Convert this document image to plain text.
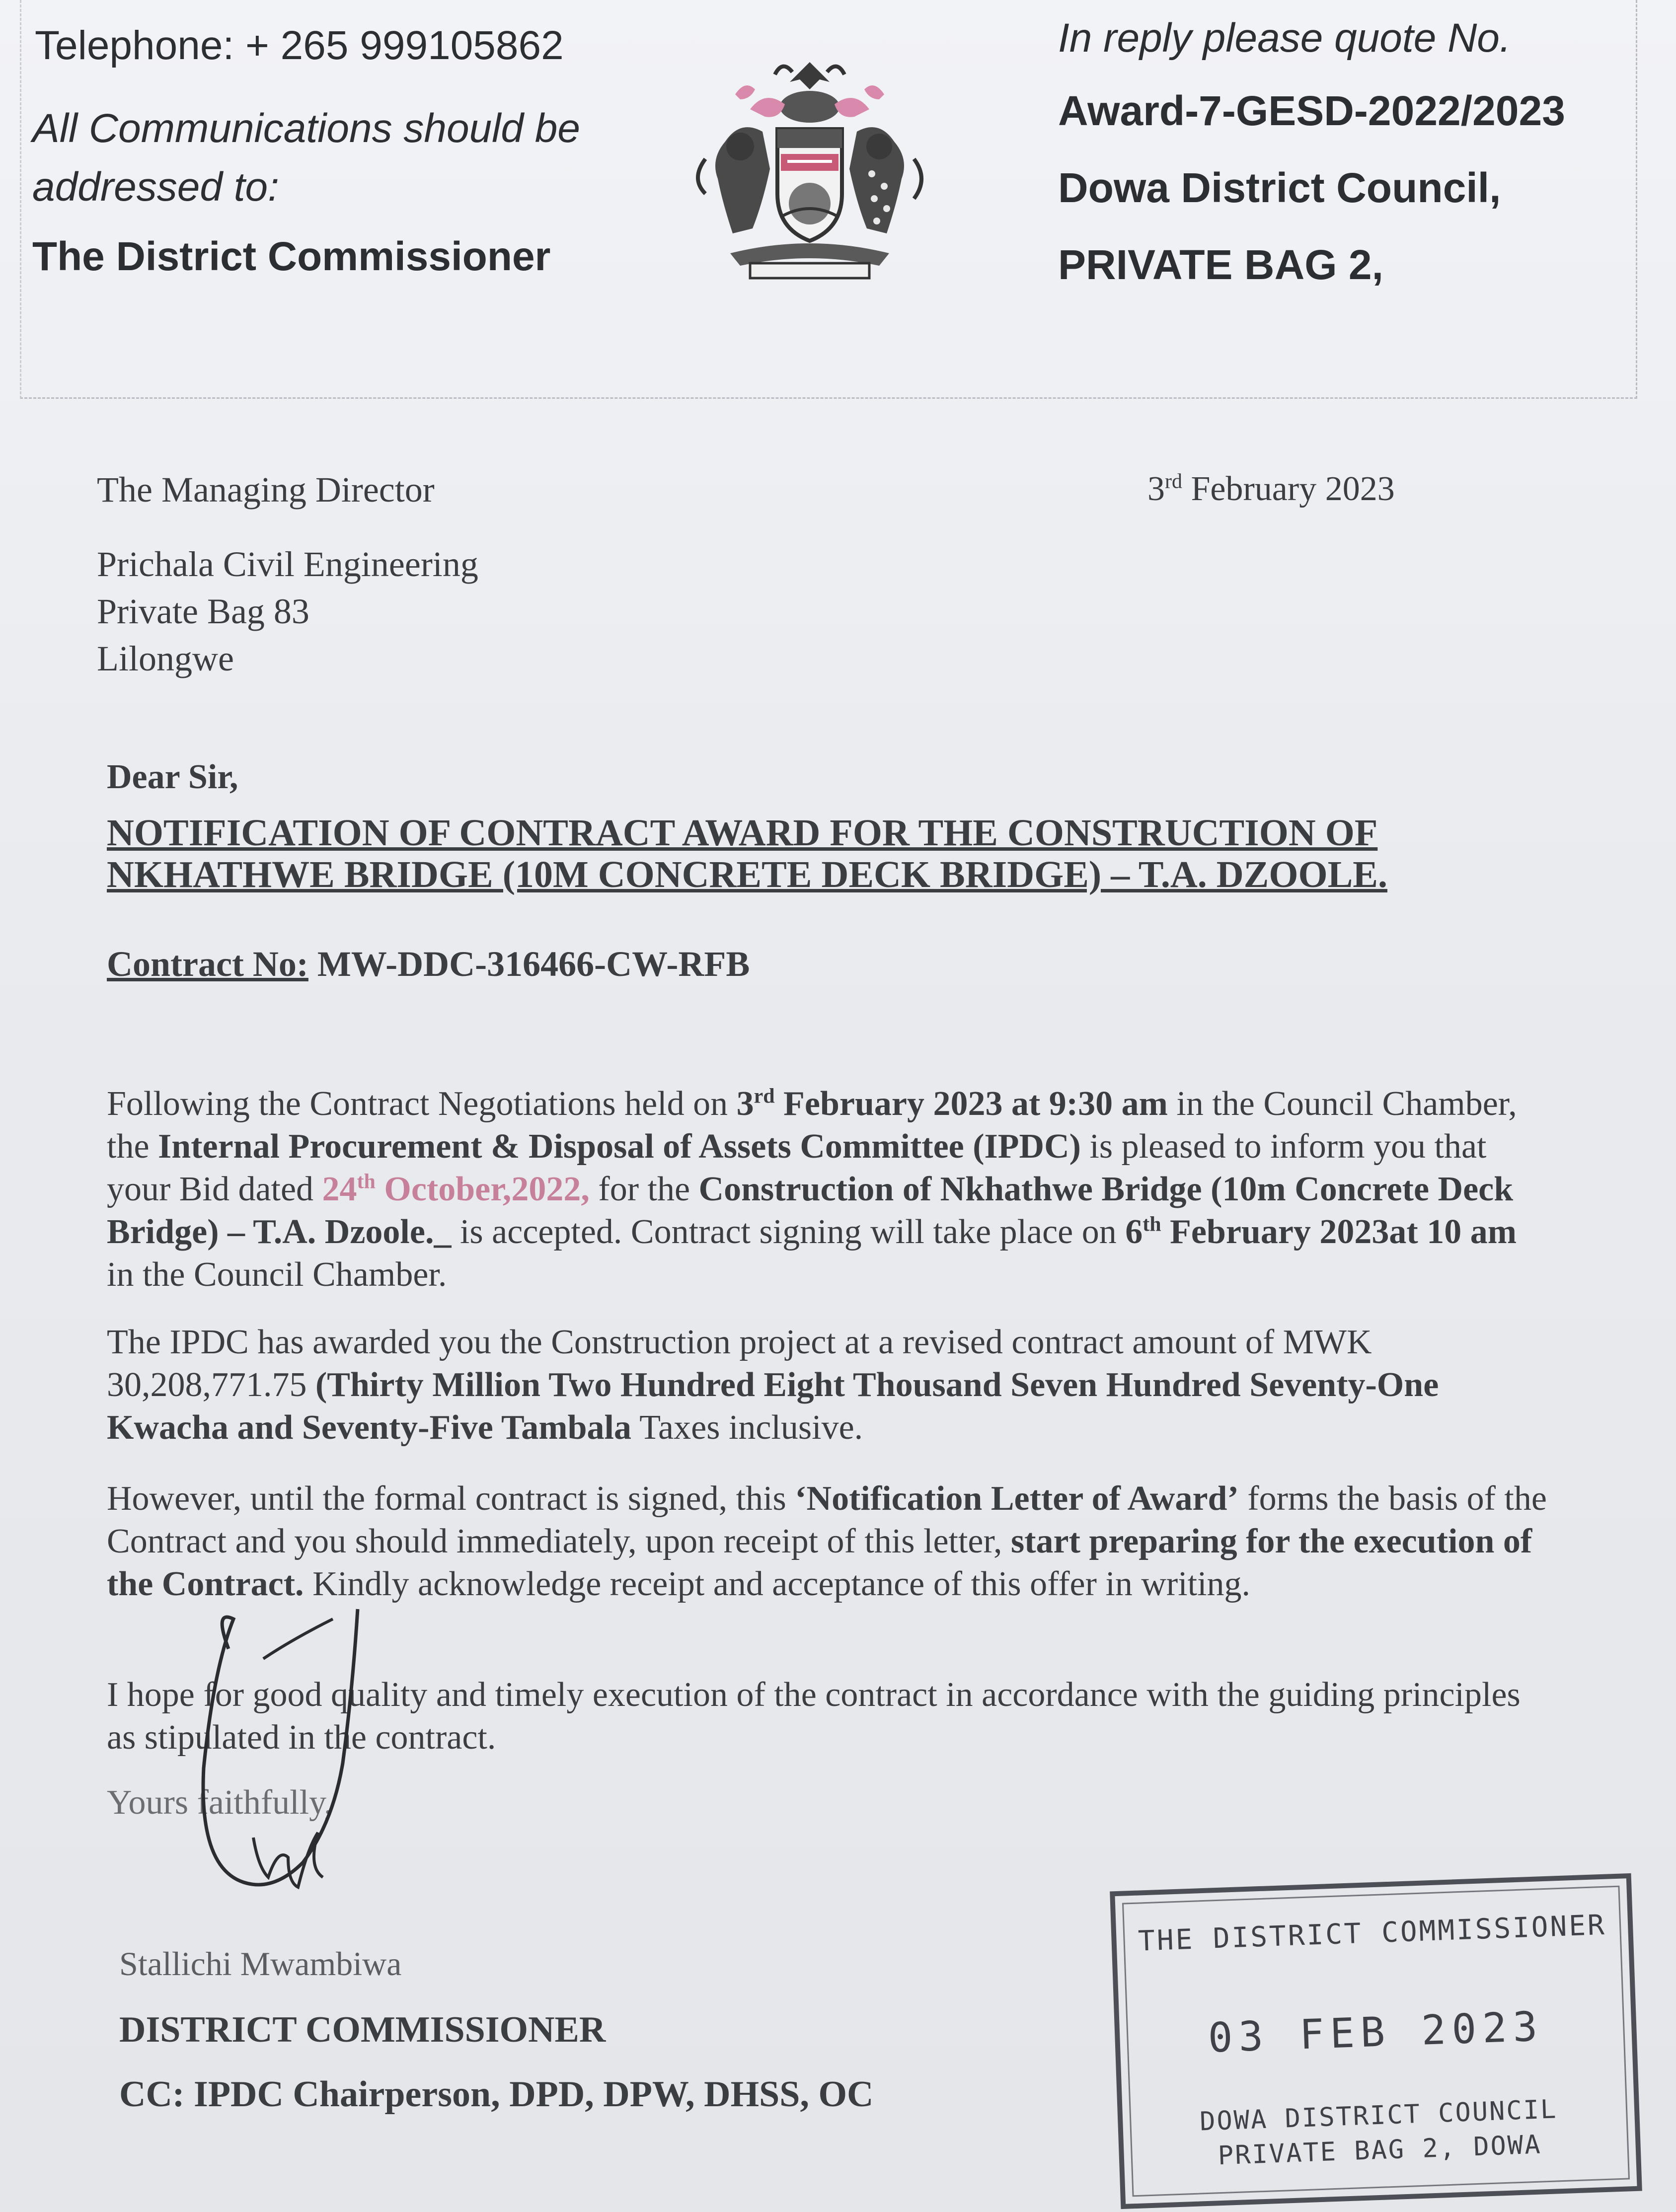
Telephone: + 265 999105862
All Communications should be addressed to:
The District Commissioner
In reply please quote No.
Award-7-GESD-2022/2023
Dowa District Council,
PRIVATE BAG 2,
The Managing Director
Prichala Civil Engineering
Private Bag 83
Lilongwe
3rd February 2023
Dear Sir,
NOTIFICATION OF CONTRACT AWARD FOR THE CONSTRUCTION OF NKHATHWE BRIDGE (10M CONCRETE DECK BRIDGE) – T.A. DZOOLE.
Contract No: MW-DDC-316466-CW-RFB
Following the Contract Negotiations held on 3rd February 2023 at 9:30 am in the Council Chamber, the Internal Procurement & Disposal of Assets Committee (IPDC) is pleased to inform you that your Bid dated 24th October,2022, for the Construction of Nkhathwe Bridge (10m Concrete Deck Bridge) – T.A. Dzoole._ is accepted. Contract signing will take place on 6th February 2023at 10 am in the Council Chamber.
The IPDC has awarded you the Construction project at a revised contract amount of MWK 30,208,771.75 (Thirty Million Two Hundred Eight Thousand Seven Hundred Seventy-One Kwacha and Seventy-Five Tambala Taxes inclusive.
However, until the formal contract is signed, this ‘Notification Letter of Award’ forms the basis of the Contract and you should immediately, upon receipt of this letter, start preparing for the execution of the Contract. Kindly acknowledge receipt and acceptance of this offer in writing.
I hope for good quality and timely execution of the contract in accordance with the guiding principles as stipulated in the contract.
Yours faithfully,
Stallichi Mwambiwa
DISTRICT COMMISSIONER
CC: IPDC Chairperson, DPD, DPW, DHSS, OC
THE DISTRICT COMMISSIONER
03 FEB 2023
DOWA DISTRICT COUNCIL
PRIVATE BAG 2, DOWA
